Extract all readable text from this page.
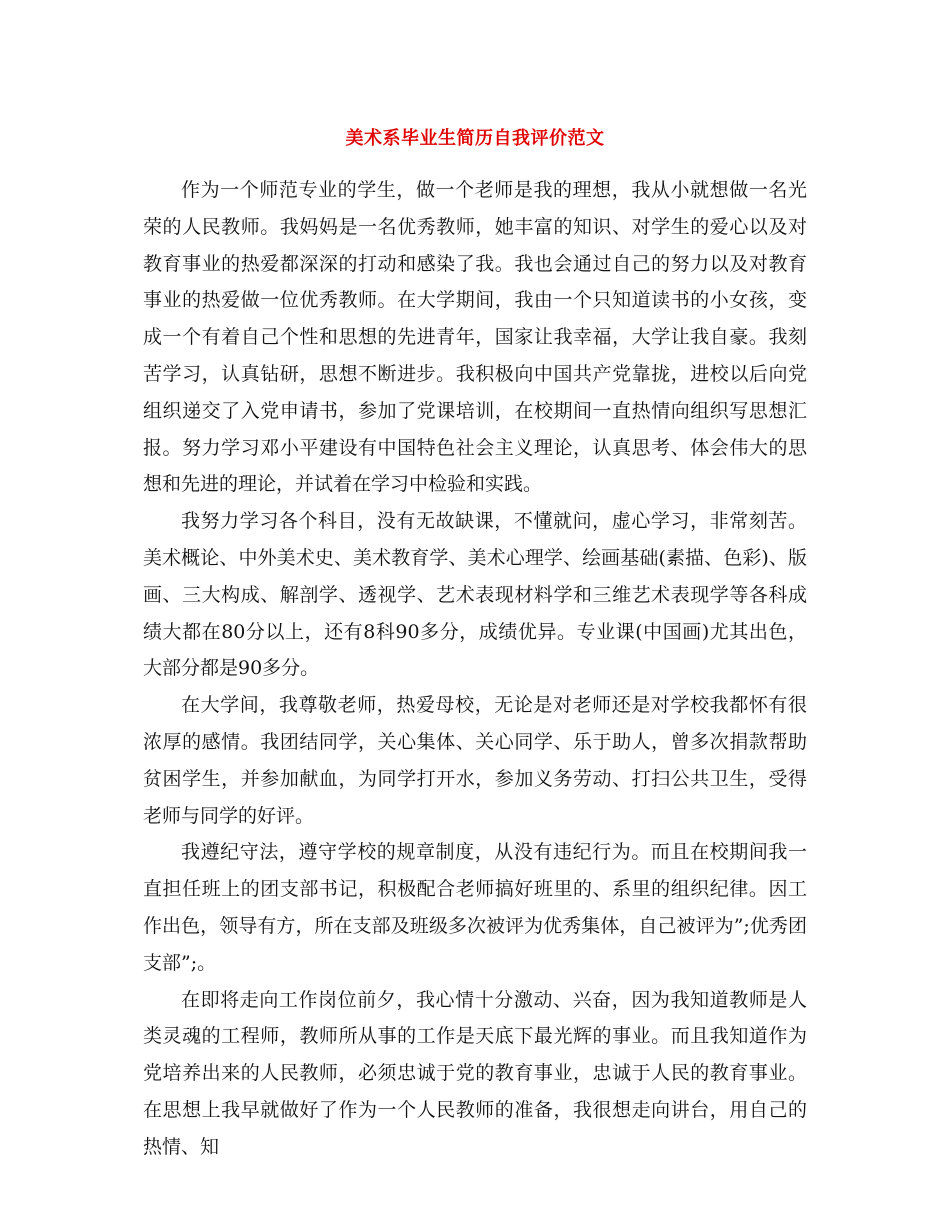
美术系毕业生简历自我评价范文

作为一个师范专业的学生，做一个老师是我的理想，我从小就想做一名光荣的人民教师。我妈妈是一名优秀教师，她丰富的知识、对学生的爱心以及对教育事业的热爱都深深的打动和感染了我。我也会通过自己的努力以及对教育事业的热爱做一位优秀教师。在大学期间，我由一个只知道读书的小女孩，变成一个有着自己个性和思想的先进青年，国家让我幸福，大学让我自豪。我刻苦学习，认真钻研，思想不断进步。我积极向中国共产党靠拢，进校以后向党组织递交了入党申请书，参加了党课培训，在校期间一直热情向组织写思想汇报。努力学习邓小平建设有中国特色社会主义理论，认真思考、体会伟大的思想和先进的理论，并试着在学习中检验和实践。

我努力学习各个科目，没有无故缺课，不懂就问，虚心学习，非常刻苦。美术概论、中外美术史、美术教育学、美术心理学、绘画基础(素描、色彩)、版画、三大构成、解剖学、透视学、艺术表现材料学和三维艺术表现学等各科成绩大都在80分以上，还有8科90多分，成绩优异。专业课(中国画)尤其出色，大部分都是90多分。

在大学间，我尊敬老师，热爱母校，无论是对老师还是对学校我都怀有很浓厚的感情。我团结同学，关心集体、关心同学、乐于助人，曾多次捐款帮助贫困学生，并参加献血，为同学打开水，参加义务劳动、打扫公共卫生，受得老师与同学的好评。

我遵纪守法，遵守学校的规章制度，从没有违纪行为。而且在校期间我一直担任班上的团支部书记，积极配合老师搞好班里的、系里的组织纪律。因工作出色，领导有方，所在支部及班级多次被评为优秀集体，自己被评为”;优秀团支部”;。

在即将走向工作岗位前夕，我心情十分激动、兴奋，因为我知道教师是人类灵魂的工程师，教师所从事的工作是天底下最光辉的事业。而且我知道作为党培养出来的人民教师，必须忠诚于党的教育事业，忠诚于人民的教育事业。在思想上我早就做好了作为一个人民教师的准备，我很想走向讲台，用自己的热情、知
